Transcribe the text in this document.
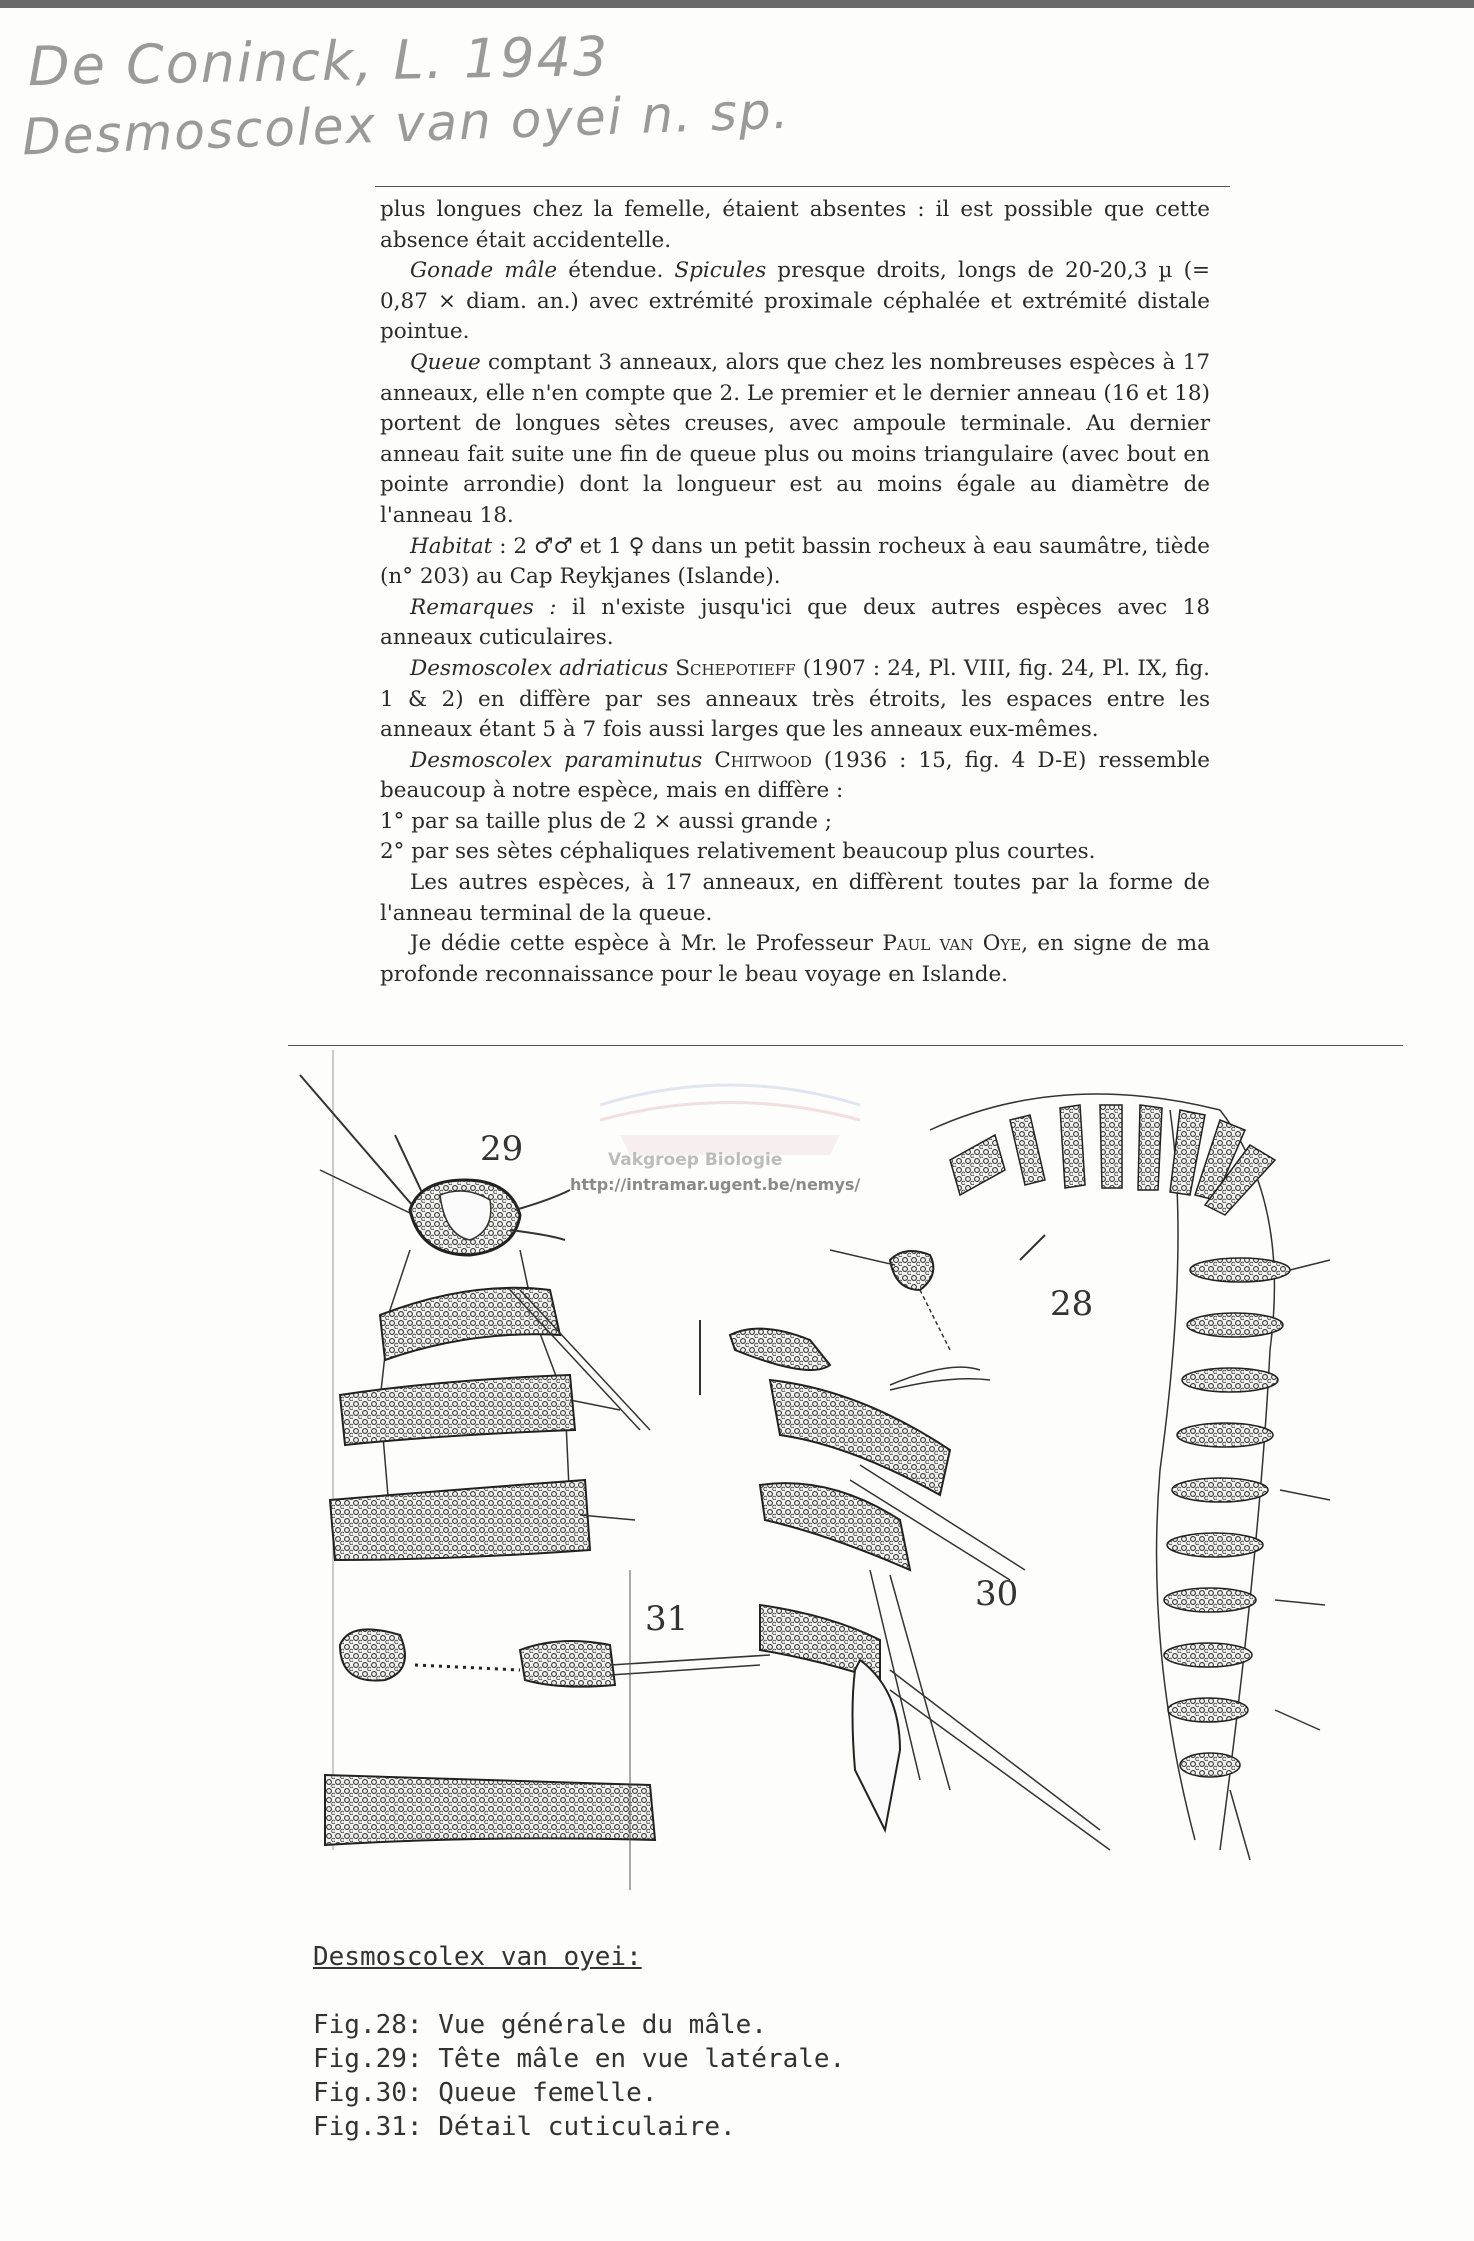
De Coninck, L. 1943
Desmoscolex van oyei n. sp.

plus longues chez la femelle, étaient absentes : il est possible que cette absence était accidentelle.

Gonade mâle étendue. Spicules presque droits, longs de 20-20,3 µ (= 0,87 × diam. an.) avec extrémité proximale céphalée et extrémité distale pointue.

Queue comptant 3 anneaux, alors que chez les nombreuses espèces à 17 anneaux, elle n'en compte que 2. Le premier et le dernier anneau (16 et 18) portent de longues sètes creuses, avec ampoule terminale. Au dernier anneau fait suite une fin de queue plus ou moins triangulaire (avec bout en pointe arrondie) dont la longueur est au moins égale au diamètre de l'anneau 18.

Habitat : 2 ♂♂ et 1 ♀ dans un petit bassin rocheux à eau saumâtre, tiède (n° 203) au Cap Reykjanes (Islande).

Remarques : il n'existe jusqu'ici que deux autres espèces avec 18 anneaux cuticulaires.

Desmoscolex adriaticus Schepotieff (1907 : 24, Pl. VIII, fig. 24, Pl. IX, fig. 1 & 2) en diffère par ses anneaux très étroits, les espaces entre les anneaux étant 5 à 7 fois aussi larges que les anneaux eux-mêmes.

Desmoscolex paraminutus Chitwood (1936 : 15, fig. 4 D-E) ressemble beaucoup à notre espèce, mais en diffère :

1° par sa taille plus de 2 × aussi grande ;

2° par ses sètes céphaliques relativement beaucoup plus courtes.

Les autres espèces, à 17 anneaux, en diffèrent toutes par la forme de l'anneau terminal de la queue.

Je dédie cette espèce à Mr. le Professeur Paul van Oye, en signe de ma profonde reconnaissance pour le beau voyage en Islande.

29
31
30
28
Vakgroep Biologie
http://intramar.ugent.be/nemys/
Desmoscolex van oyei:
Fig.28: Vue générale du mâle.
Fig.29: Tête mâle en vue latérale.
Fig.30: Queue femelle.
Fig.31: Détail cuticulaire.
